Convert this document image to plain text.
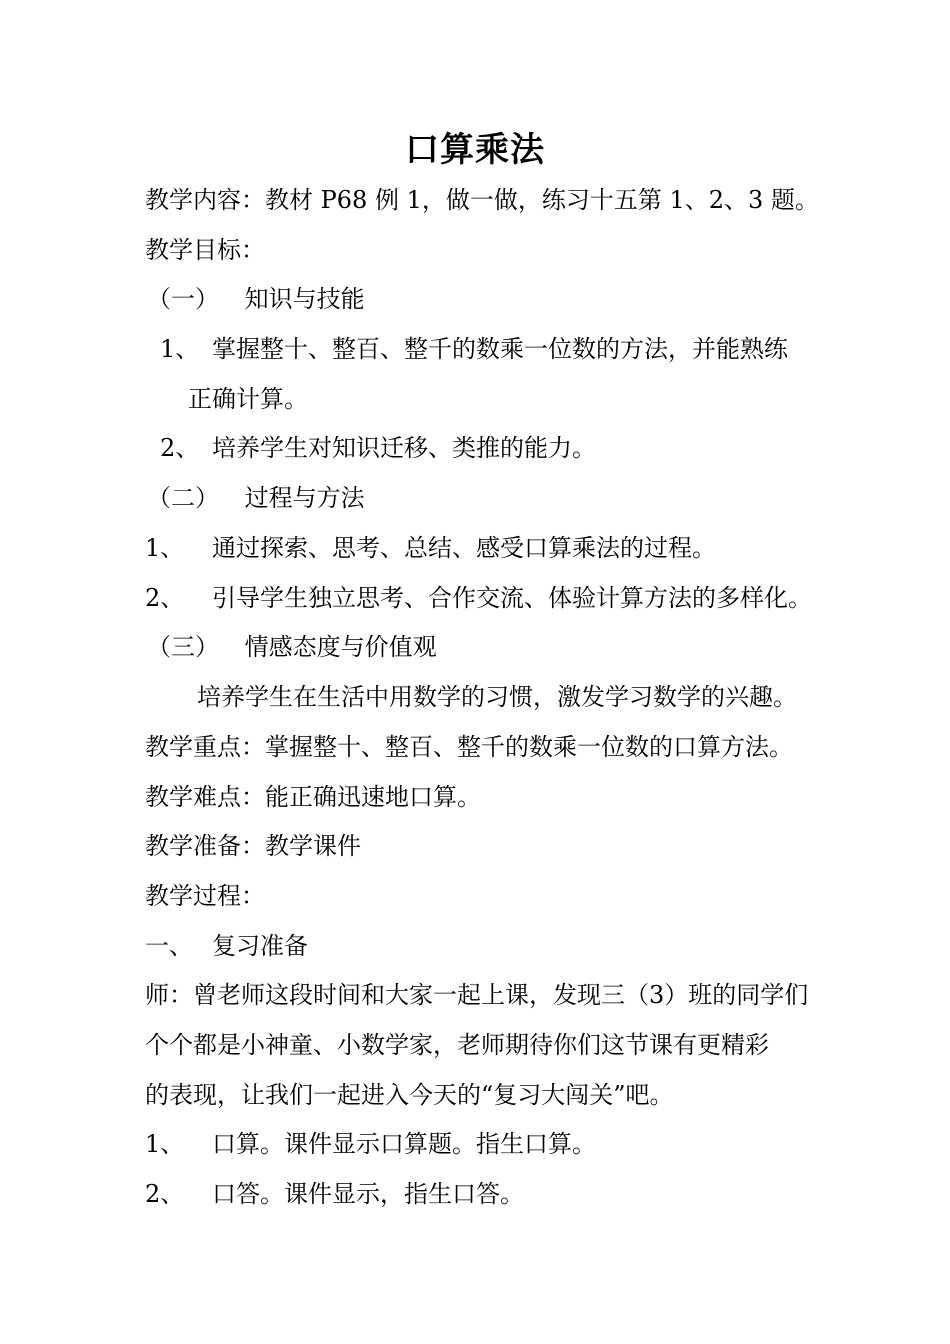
口算乘法
教学内容：教材 P68 例 1，做一做，练习十五第 1、2、3 题。
教学目标：
（一） 知识与技能
1、 掌握整十、整百、整千的数乘一位数的方法，并能熟练
正确计算。
2、 培养学生对知识迁移、类推的能力。
（二） 过程与方法
1、 通过探索、思考、总结、感受口算乘法的过程。
2、 引导学生独立思考、合作交流、体验计算方法的多样化。
（三） 情感态度与价值观
培养学生在生活中用数学的习惯，激发学习数学的兴趣。
教学重点：掌握整十、整百、整千的数乘一位数的口算方法。
教学难点：能正确迅速地口算。
教学准备：教学课件
教学过程：
一、 复习准备
师：曾老师这段时间和大家一起上课，发现三（3）班的同学们
个个都是小神童、小数学家，老师期待你们这节课有更精彩
的表现，让我们一起进入今天的“复习大闯关”吧。
1、 口算。课件显示口算题。指生口算。
2、 口答。课件显示，指生口答。
